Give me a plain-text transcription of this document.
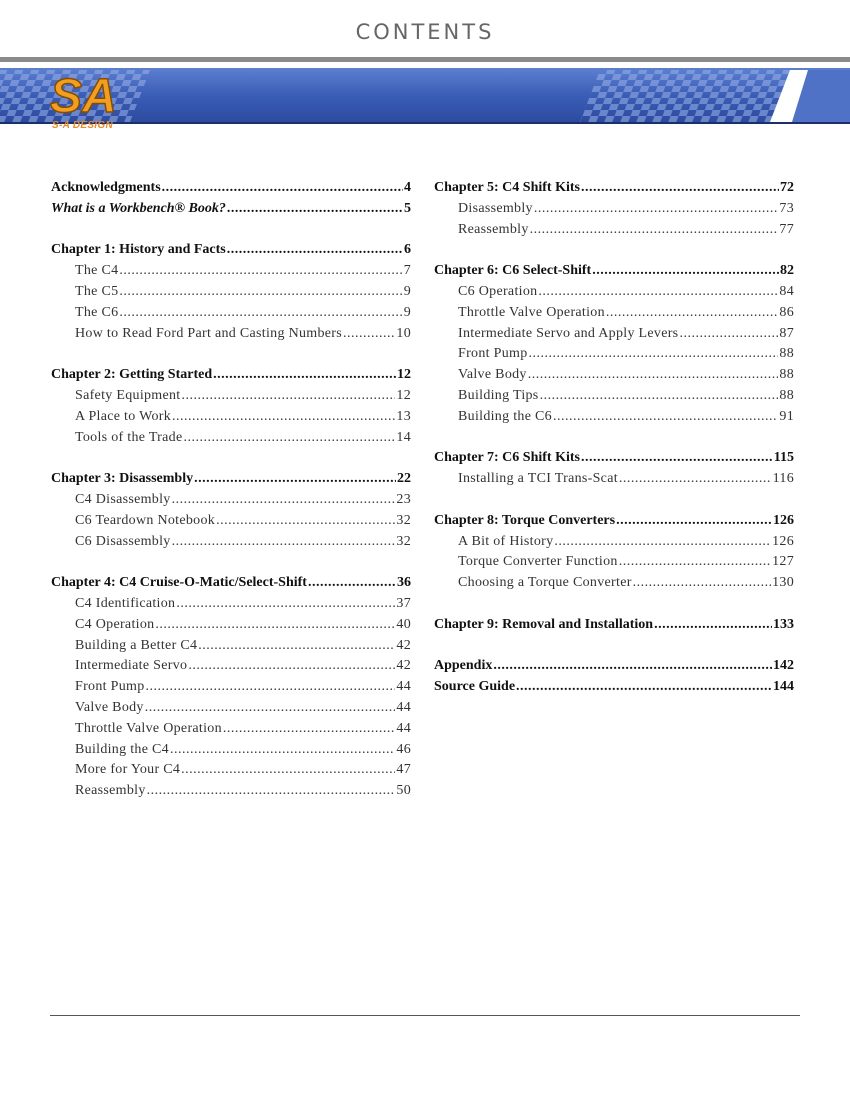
CONTENTS
SA
S-A DESIGN
Acknowledgments .....	4
What is a Workbench® Book? .....	5
Chapter 1: History and Facts .....	6
The C4 .....	7
The C5 .....	9
The C6 .....	9
How to Read Ford Part and Casting Numbers .....	10
Chapter 2: Getting Started .....	12
Safety Equipment .....	12
A Place to Work .....	13
Tools of the Trade .....	14
Chapter 3: Disassembly .....	22
C4 Disassembly .....	23
C6 Teardown Notebook .....	32
C6 Disassembly .....	32
Chapter 4: C4 Cruise-O-Matic/Select-Shift .....	36
C4 Identification .....	37
C4 Operation .....	40
Building a Better C4 .....	42
Intermediate Servo .....	42
Front Pump .....	44
Valve Body .....	44
Throttle Valve Operation .....	44
Building the C4 .....	46
More for Your C4 .....	47
Reassembly .....	50
Chapter 5: C4 Shift Kits .....	72
Disassembly .....	73
Reassembly .....	77
Chapter 6: C6 Select-Shift .....	82
C6 Operation .....	84
Throttle Valve Operation .....	86
Intermediate Servo and Apply Levers .....	87
Front Pump .....	88
Valve Body .....	88
Building Tips .....	88
Building the C6 .....	91
Chapter 7: C6 Shift Kits .....	115
Installing a TCI Trans-Scat .....	116
Chapter 8: Torque Converters .....	126
A Bit of History .....	126
Torque Converter Function .....	127
Choosing a Torque Converter .....	130
Chapter 9: Removal and Installation .....	133
Appendix .....	142
Source Guide .....	144
